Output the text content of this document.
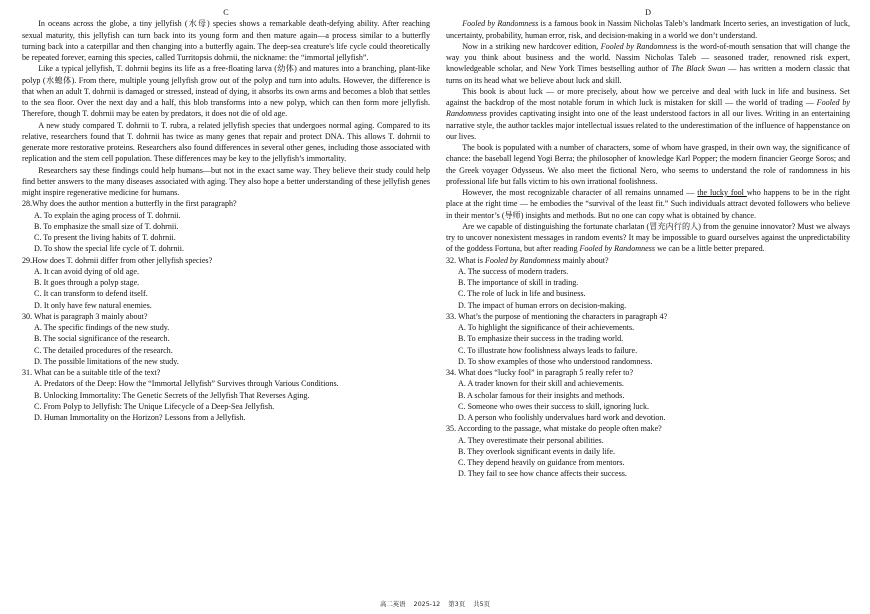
C

In oceans across the globe, a tiny jellyfish (水母) species shows a remarkable death-defying ability. After reaching sexual maturity, this jellyfish can turn back into its young form and then mature again—a process similar to a butterfly turning back into a caterpillar and then changing into a butterfly again. The deep-sea creature's life cycle could theoretically be repeated forever, earning this species, called Turritopsis dohrnii, the nickname: the “immortal jellyfish”.

Like a typical jellyfish, T. dohrnii begins its life as a free-floating larva (幼体) and matures into a branching, plant-like polyp (水螅体). From there, multiple young jellyfish grow out of the polyp and turn into adults. However, the difference is that when an adult T. dohrnii is damaged or stressed, instead of dying, it absorbs its own arms and becomes a blob that settles to the sea floor. Over the next day and a half, this blob transforms into a new polyp, which can then form more jellyfish. Therefore, though T. dohrnii may be eaten by predators, it does not die of old age.

A new study compared T. dohrnii to T. rubra, a related jellyfish species that undergoes normal aging. Compared to its relative, researchers found that T. dohrnii has twice as many genes that repair and protect DNA. This allows T. dohrnii to generate more restorative proteins. Researchers also found differences in several other genes, including those associated with replication and the stem cell population. These differences may be key to the jellyfish’s immortality.

Researchers say these findings could help humans—but not in the exact same way. They believe their study could help find better answers to the many diseases associated with aging. They also hope a better understanding of these jellyfish genes might inspire regenerative medicine for humans.

28.Why does the author mention a butterfly in the first paragraph?

A. To explain the aging process of T. dohrnii.

B. To emphasize the small size of T. dohrnii.

C. To present the living habits of T. dohrnii.

D. To show the special life cycle of T. dohrnii.

29.How does T. dohrnii differ from other jellyfish species?

A. It can avoid dying of old age.

B. It goes through a polyp stage.

C. It can transform to defend itself.

D. It only have few natural enemies.

30. What is paragraph 3 mainly about?

A. The specific findings of the new study.

B. The social significance of the research.

C. The detailed procedures of the research.

D. The possible limitations of the new study.

31. What can be a suitable title of the text?

A. Predators of the Deep: How the “Immortal Jellyfish” Survives through Various Conditions.

B. Unlocking Immortality: The Genetic Secrets of the Jellyfish That Reverses Aging.

C. From Polyp to Jellyfish: The Unique Lifecycle of a Deep-Sea Jellyfish.

D. Human Immortality on the Horizon? Lessons from a Jellyfish.

D

Fooled by Randomness is a famous book in Nassim Nicholas Taleb’s landmark Incerto series, an investigation of luck, uncertainty, probability, human error, risk, and decision-making in a world we don’t understand.

Now in a striking new hardcover edition, Fooled by Randomness is the word-of-mouth sensation that will change the way you think about business and the world. Nassim Nicholas Taleb — seasoned trader, renowned risk expert, knowledgeable scholar, and New York Times bestselling author of The Black Swan — has written a modern classic that turns on its head what we believe about luck and skill.

This book is about luck — or more precisely, about how we perceive and deal with luck in life and business. Set against the backdrop of the most notable forum in which luck is mistaken for skill — the world of trading — Fooled by Randomness provides captivating insight into one of the least understood factors in all our lives. Writing in an entertaining narrative style, the author tackles major intellectual issues related to the underestimation of the influence of happenstance on our lives.

The book is populated with a number of characters, some of whom have grasped, in their own way, the significance of chance: the baseball legend Yogi Berra; the philosopher of knowledge Karl Popper; the modern financier George Soros; and the Greek voyager Odysseus. We also meet the fictional Nero, who seems to understand the role of randomness in his professional life but falls victim to his own irrational foolishness.

However, the most recognizable character of all remains unnamed — the lucky fool who happens to be in the right place at the right time — he embodies the “survival of the least fit.” Such individuals attract devoted followers who believe in their mentor’s (导师) insights and methods. But no one can copy what is obtained by chance.

Are we capable of distinguishing the fortunate charlatan (冒充内行的人) from the genuine innovator? Must we always try to uncover nonexistent messages in random events? It may be impossible to guard ourselves against the unpredictability of the goddess Fortuna, but after reading Fooled by Randomness we can be a little better prepared.

32. What is Fooled by Randomness mainly about?

A. The success of modern traders.

B. The importance of skill in trading.

C. The role of luck in life and business.

D. The impact of human errors on decision-making.

33. What’s the purpose of mentioning the characters in paragraph 4?

A. To highlight the significance of their achievements.

B. To emphasize their success in the trading world.

C. To illustrate how foolishness always leads to failure.

D. To show examples of those who understood randomness.

34. What does “lucky fool” in paragraph 5 really refer to?

A. A trader known for their skill and achievements.

B. A scholar famous for their insights and methods.

C. Someone who owes their success to skill, ignoring luck.

D. A person who foolishly undervalues hard work and devotion.

35. According to the passage, what mistake do people often make?

A. They overestimate their personal abilities.

B. They overlook significant events in daily life.

C. They depend heavily on guidance from mentors.

D. They fail to see how chance affects their success.

高二英语 2025-12 第3页 共5页
